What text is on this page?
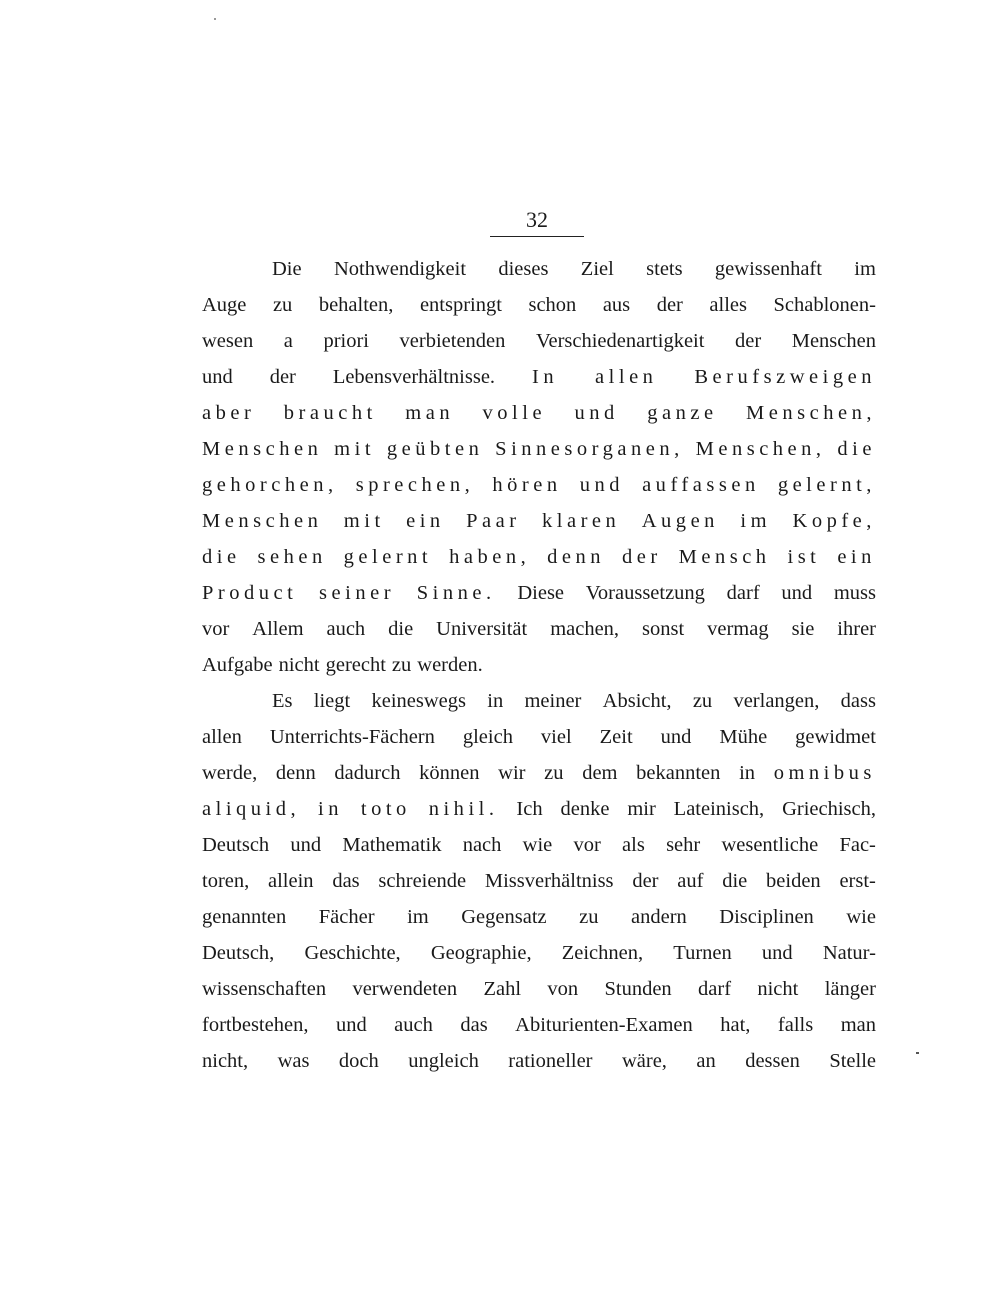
32
Die Nothwendigkeit dieses Ziel stets gewissenhaft im
Auge zu behalten, entspringt schon aus der alles Schablonen-
wesen a priori verbietenden Verschiedenartigkeit der Menschen
und der Lebensverhältnisse. In allen Berufszweigen
aber braucht man volle und ganze Menschen,
Menschen mit geübten Sinnesorganen, Menschen, die
gehorchen, sprechen, hören und auffassen gelernt,
Menschen mit ein Paar klaren Augen im Kopfe,
die sehen gelernt haben, denn der Mensch ist ein
Product seiner Sinne. Diese Voraussetzung darf und muss
vor Allem auch die Universität machen, sonst vermag sie ihrer
Aufgabe nicht gerecht zu werden.
Es liegt keineswegs in meiner Absicht, zu verlangen, dass
allen Unterrichts-Fächern gleich viel Zeit und Mühe gewidmet
werde, denn dadurch können wir zu dem bekannten in omnibus
aliquid, in toto nihil. Ich denke mir Lateinisch, Griechisch,
Deutsch und Mathematik nach wie vor als sehr wesentliche Fac-
toren, allein das schreiende Missverhältniss der auf die beiden erst-
genannten Fächer im Gegensatz zu andern Disciplinen wie
Deutsch, Geschichte, Geographie, Zeichnen, Turnen und Natur-
wissenschaften verwendeten Zahl von Stunden darf nicht länger
fortbestehen, und auch das Abiturienten-Examen hat, falls man
nicht, was doch ungleich rationeller wäre, an dessen Stelle
